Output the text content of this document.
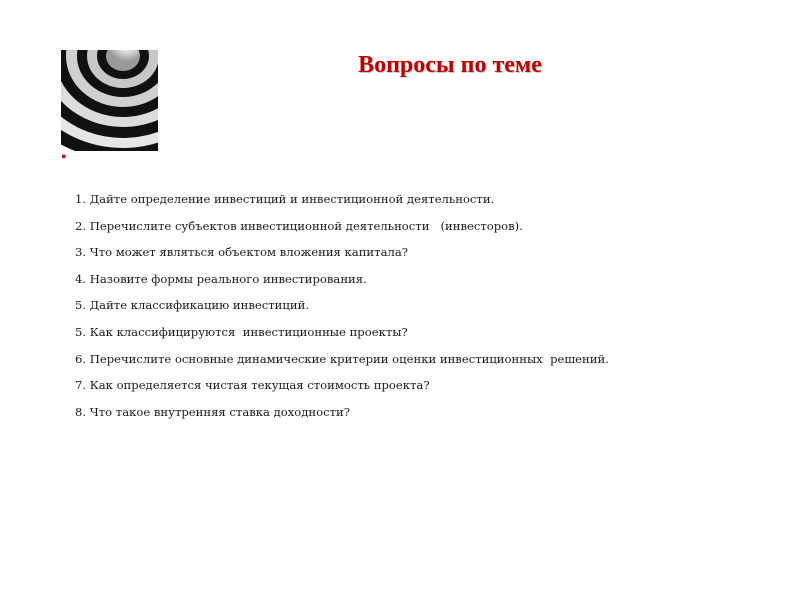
•
Вопросы по теме
1. Дайте определение инвестиций и инвестиционной деятельности.
2. Перечислите субъектов инвестиционной деятельности   (инвесторов).
3. Что может являться объектом вложения капитала?
4. Назовите формы реального инвестирования.
5. Дайте классификацию инвестиций.
5. Как классифицируются  инвестиционные проекты?
6. Перечислите основные динамические критерии оценки инвестиционных  решений.
7. Как определяется чистая текущая стоимость проекта?
8. Что такое внутренняя ставка доходности?
